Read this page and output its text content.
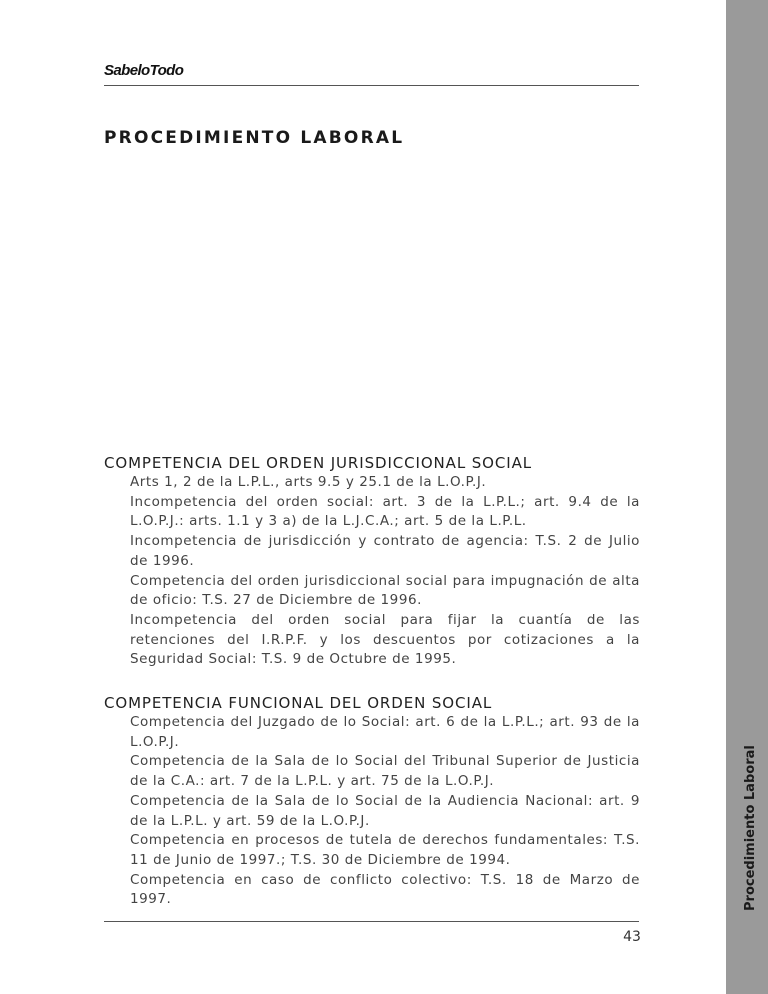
SabeloTodo
PROCEDIMIENTO LABORAL
Procedimiento Laboral
COMPETENCIA DEL ORDEN JURISDICCIONAL SOCIAL
Arts 1, 2 de la L.P.L., arts 9.5 y 25.1 de la L.O.P.J.
Incompetencia del orden social: art. 3 de la L.P.L.; art. 9.4 de la L.O.P.J.: arts. 1.1 y 3 a) de la L.J.C.A.; art. 5 de la L.P.L.
Incompetencia de jurisdicción y contrato de agencia: T.S. 2 de Julio de 1996.
Competencia del orden jurisdiccional social para impugnación de alta de oficio: T.S. 27 de Diciembre de 1996.
Incompetencia del orden social para fijar la cuantía de las retenciones del I.R.P.F. y los descuentos por cotizaciones a la Seguridad Social: T.S. 9 de Octubre de 1995.
COMPETENCIA FUNCIONAL DEL ORDEN SOCIAL
Competencia del Juzgado de lo Social: art. 6 de la L.P.L.; art. 93 de la L.O.P.J.
Competencia de la Sala de lo Social del Tribunal Superior de Justicia de la C.A.: art. 7 de la L.P.L. y art. 75 de la L.O.P.J.
Competencia de la Sala de lo Social de la Audiencia Nacional: art. 9 de la L.P.L. y art. 59 de la L.O.P.J.
Competencia en procesos de tutela de derechos fundamentales: T.S. 11 de Junio de 1997.; T.S. 30 de Diciembre de 1994.
Competencia en caso de conflicto colectivo: T.S. 18 de Marzo de 1997.
43
